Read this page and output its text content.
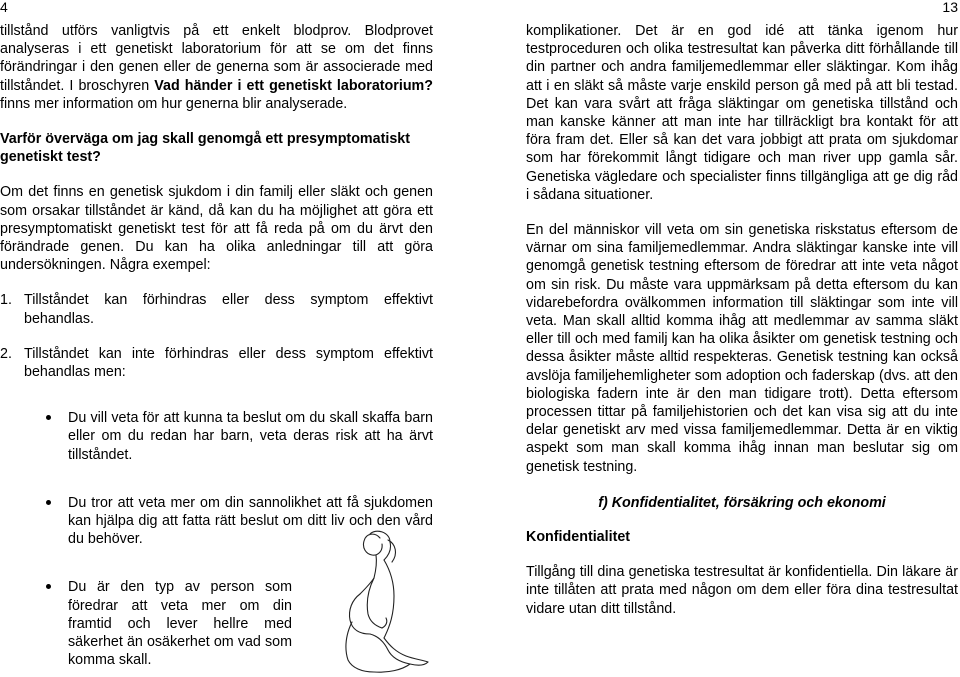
4	13

tillstånd utförs vanligtvis på ett enkelt blodprov. Blodprovet analyseras i ett genetiskt laboratorium för att se om det finns förändringar i den genen eller de generna som är associerade med tillståndet. I broschyren Vad händer i ett genetiskt laboratorium? finns mer information om hur generna blir analyserade.

Varför överväga om jag skall genomgå ett presymptomatiskt genetiskt test?

Om det finns en genetisk sjukdom i din familj eller släkt och genen som orsakar tillståndet är känd, då kan du ha möjlighet att göra ett presymptomatiskt genetiskt test för att få reda på om du ärvt den förändrade genen. Du kan ha olika anledningar till att göra undersökningen. Några exempel:

1. Tillståndet kan förhindras eller dess symptom effektivt behandlas.
2. Tillståndet kan inte förhindras eller dess symptom effektivt behandlas men:
Du vill veta för att kunna ta beslut om du skall skaffa barn eller om du redan har barn, veta deras risk att ha ärvt tillståndet.
Du tror att veta mer om din sannolikhet att få sjukdomen kan hjälpa dig att fatta rätt beslut om ditt liv och den vård du behöver.
Du är den typ av person som föredrar att veta mer om din framtid och lever hellre med säkerhet än osäkerhet om vad som komma skall.

komplikationer. Det är en god idé att tänka igenom hur testproceduren och olika testresultat kan påverka ditt förhållande till din partner och andra familjemedlemmar eller släktingar. Kom ihåg att i en släkt så måste varje enskild person gå med på att bli testad. Det kan vara svårt att fråga släktingar om genetiska tillstånd och man kanske känner att man inte har tillräckligt bra kontakt för att föra fram det. Eller så kan det vara jobbigt att prata om sjukdomar som har förekommit långt tidigare och man river upp gamla sår. Genetiska vägledare och specialister finns tillgängliga att ge dig råd i sådana situationer.

En del människor vill veta om sin genetiska riskstatus eftersom de värnar om sina familjemedlemmar. Andra släktingar kanske inte vill genomgå genetisk testning eftersom de föredrar att inte veta något om sin risk. Du måste vara uppmärksam på detta eftersom du kan vidarebefordra ovälkommen information till släktingar som inte vill veta. Man skall alltid komma ihåg att medlemmar av samma släkt eller till och med familj kan ha olika åsikter om genetisk testning och dessa åsikter måste alltid respekteras. Genetisk testning kan också avslöja familjehemligheter som adoption och faderskap (dvs. att den biologiska fadern inte är den man tidigare trott). Detta eftersom processen tittar på familjehistorien och det kan visa sig att du inte delar genetiskt arv med vissa familjemedlemmar. Detta är en viktig aspekt som man skall komma ihåg innan man beslutar sig om genetisk testning.

f) Konfidentialitet, försäkring och ekonomi

Konfidentialitet

Tillgång till dina genetiska testresultat är konfidentiella. Din läkare är inte tillåten att prata med någon om dem eller föra dina testresultat vidare utan ditt tillstånd.
